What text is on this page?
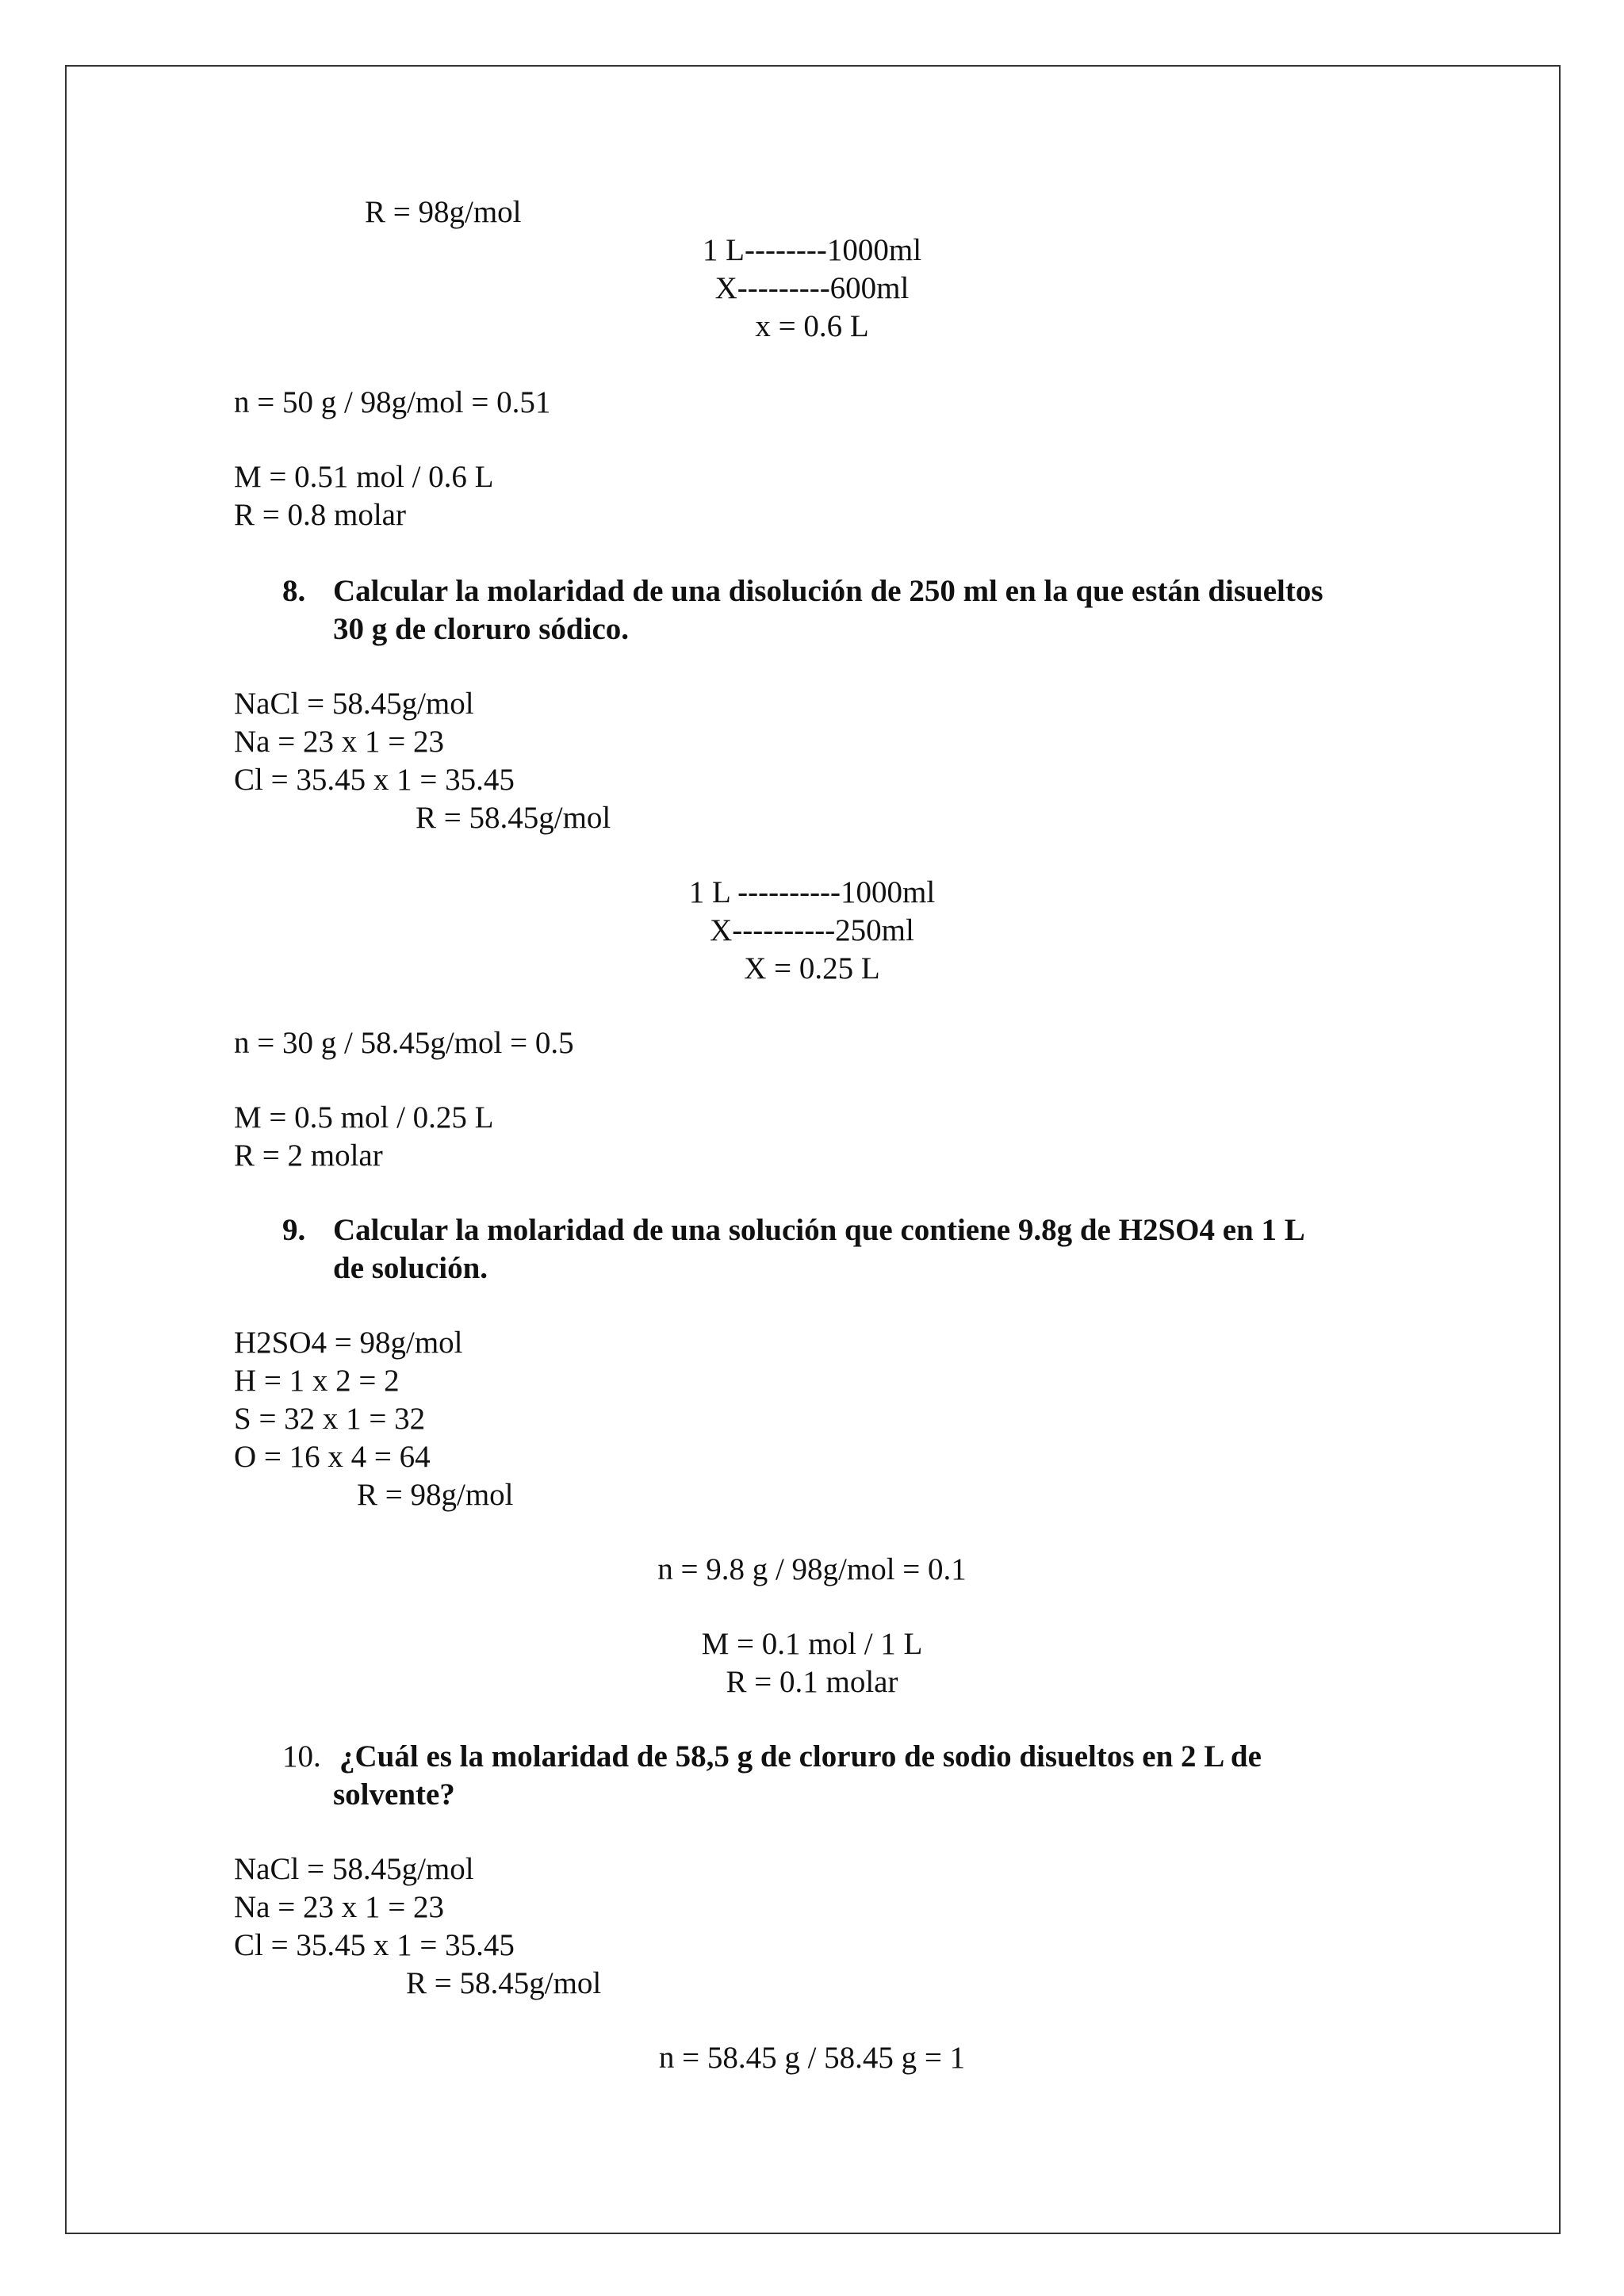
R = 98g/mol
1 L--------1000ml
X---------600ml
x = 0.6 L
n = 50 g / 98g/mol = 0.51
M = 0.51 mol / 0.6 L
R = 0.8 molar
8. Calcular la molaridad de una disolución de 250 ml en la que están disueltos
30 g de cloruro sódico.
NaCl = 58.45g/mol
Na = 23 x 1 = 23
Cl = 35.45 x 1 = 35.45
R = 58.45g/mol
1 L ----------1000ml
X----------250ml
X = 0.25 L
n = 30 g / 58.45g/mol = 0.5
M = 0.5 mol / 0.25 L
R = 2 molar
9. Calcular la molaridad de una solución que contiene 9.8g de H2SO4 en 1 L
de solución.
H2SO4 = 98g/mol
H = 1 x 2 = 2
S = 32 x 1 = 32
O = 16 x 4 = 64
R = 98g/mol
n = 9.8 g / 98g/mol = 0.1
M = 0.1 mol / 1 L
R = 0.1 molar
10. ¿Cuál es la molaridad de 58,5 g de cloruro de sodio disueltos en 2 L de
solvente?
NaCl = 58.45g/mol
Na = 23 x 1 = 23
Cl = 35.45 x 1 = 35.45
R = 58.45g/mol
n = 58.45 g / 58.45 g = 1
